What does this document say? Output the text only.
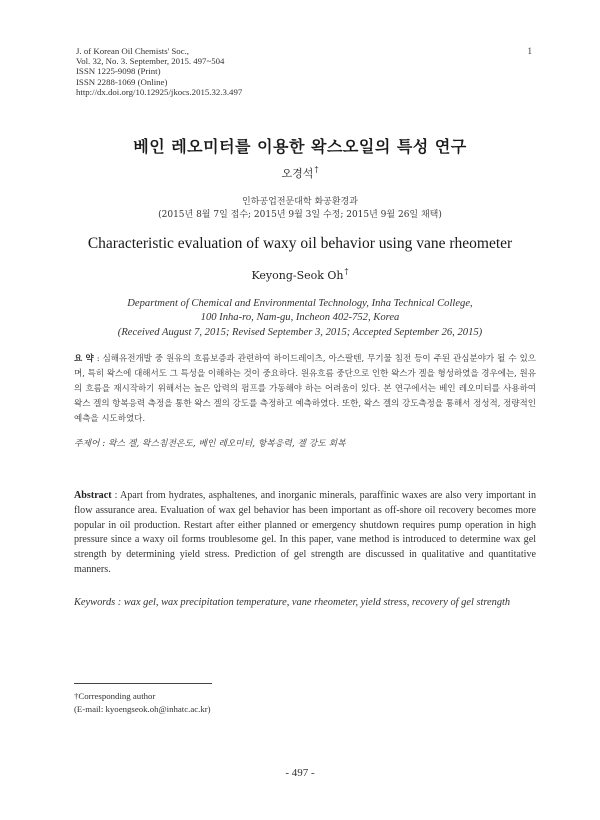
J. of Korean Oil Chemists' Soc.,
Vol. 32, No. 3. September, 2015. 497~504
ISSN 1225-9098 (Print)
ISSN 2288-1069 (Online)
http://dx.doi.org/10.12925/jkocs.2015.32.3.497
1
베인 레오미터를 이용한 왁스오일의 특성 연구
오경석†
인하공업전문대학 화공환경과
(2015년 8월 7일 접수; 2015년 9월 3일 수정; 2015년 9월 26일 채택)
Characteristic evaluation of waxy oil behavior using vane rheometer
Keyong-Seok Oh†
Department of Chemical and Environmental Technology, Inha Technical College,
100 Inha-ro, Nam-gu, Incheon 402-752, Korea
(Received August 7, 2015; Revised September 3, 2015; Accepted September 26, 2015)
요 약 : 심해유전개발 중 원유의 흐름보증과 관련하여 하이드레이츠, 아스팔텐, 무기물 침전 등이 주된 관심분야가 될 수 있으며, 특히 왁스에 대해서도 그 특성을 이해하는 것이 중요하다. 원유흐름 중단으로 인한 왁스가 겔을 형성하였을 경우에는, 원유의 흐름을 재시작하기 위해서는 높은 압력의 펌프를 가동해야 하는 어려움이 있다. 본 연구에서는 베인 레오미터를 사용하여 왁스 겔의 항복응력 측정을 통한 왁스 겔의 강도를 측정하고 예측하였다. 또한, 왁스 겔의 강도측정을 통해서 정성적, 정량적인 예측을 시도하였다.
주제어 : 왁스 겔, 왁스침전온도, 베인 레오미터, 항복응력, 겔 강도 회복
Abstract : Apart from hydrates, asphaltenes, and inorganic minerals, paraffinic waxes are also very important in flow assurance area. Evaluation of wax gel behavior has been important as off-shore oil recovery becomes more popular in oil production. Restart after either planned or emergency shutdown requires pump operation in high pressure since a waxy oil forms troublesome gel. In this paper, vane method is introduced to determine wax gel strength by determining yield stress. Prediction of gel strength are discussed in qualitative and quantitative manners.
Keywords : wax gel, wax precipitation temperature, vane rheometer, yield stress, recovery of gel strength
†Corresponding author
(E-mail: kyoengseok.oh@inhatc.ac.kr)
- 497 -
